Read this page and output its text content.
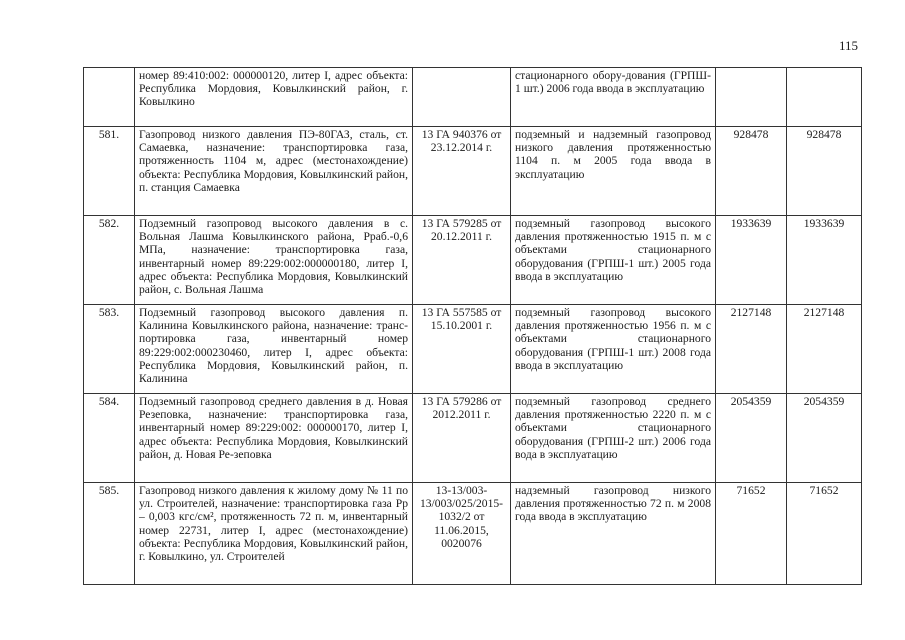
115
	номер 89:410:002: 000000120, литер I, адрес объекта: Республика Мордовия, Ковылкинский район, г. Ковылкино		стационарного обору-дования (ГРПШ- 1 шт.) 2006 года ввода в эксплуатацию		
581.	Газопровод низкого давления ПЭ-80ГАЗ, сталь, ст. Самаевка, назначение: транспортировка газа, протяженность 1104 м, адрес (местонахождение) объекта: Республика Мордовия, Ковылкинский район, п. станция Самаевка	13 ГА 940376 от 23.12.2014 г.	подземный и надземный газопровод низкого давления протяженностью 1104 п. м 2005 года ввода в эксплуатацию	928478	928478
582.	Подземный газопровод высокого давления в с. Вольная Лашма Ковылкинского района, Рраб.-0,6 МПа, назначение: транспортировка газа, инвентарный номер 89:229:002:000000180, литер I, адрес объекта: Республика Мордовия, Ковылкинский район, с. Вольная Лашма	13 ГА 579285 от 20.12.2011 г.	подземный газопровод высокого давления протяженностью 1915 п. м с объектами стационарного оборудования (ГРПШ-1 шт.) 2005 года ввода в эксплуатацию	1933639	1933639
583.	Подземный газопровод высокого давления п. Калинина Ковылкинского района, назначение: транс-портировка газа, инвентарный номер 89:229:002:000230460, литер I, адрес объекта: Республика Мордовия, Ковылкинский район, п. Калинина	13 ГА 557585 от 15.10.2001 г.	подземный газопровод высокого давления протяженностью 1956 п. м с объектами стационарного оборудования (ГРПШ-1 шт.) 2008 года ввода в эксплуатацию	2127148	2127148
584.	Подземный газопровод среднего давления в д. Новая Резеповка, назначение: транспортировка газа, инвентарный номер 89:229:002: 000000170, литер I, адрес объекта: Республика Мордовия, Ковылкинский район, д. Новая Ре-зеповка	13 ГА 579286 от 2012.2011 г.	подземный газопровод среднего давления протяженностью 2220 п. м с объектами стационарного оборудования (ГРПШ-2 шт.) 2006 года вода в эксплуатацию	2054359	2054359
585.	Газопровод низкого давления к жилому дому № 11 по ул. Строителей, назначение: транспортировка газа Рр – 0,003 кгс/см², протяженность 72 п. м, инвентарный номер 22731, литер I, адрес (местонахождение) объекта: Республика Мордовия, Ковылкинский район, г. Ковылкино, ул. Строителей	13-13/003-13/003/025/2015-1032/2 от 11.06.2015, 0020076	надземный газопровод низкого давления протяженностью 72 п. м 2008 года ввода в эксплуатацию	71652	71652
